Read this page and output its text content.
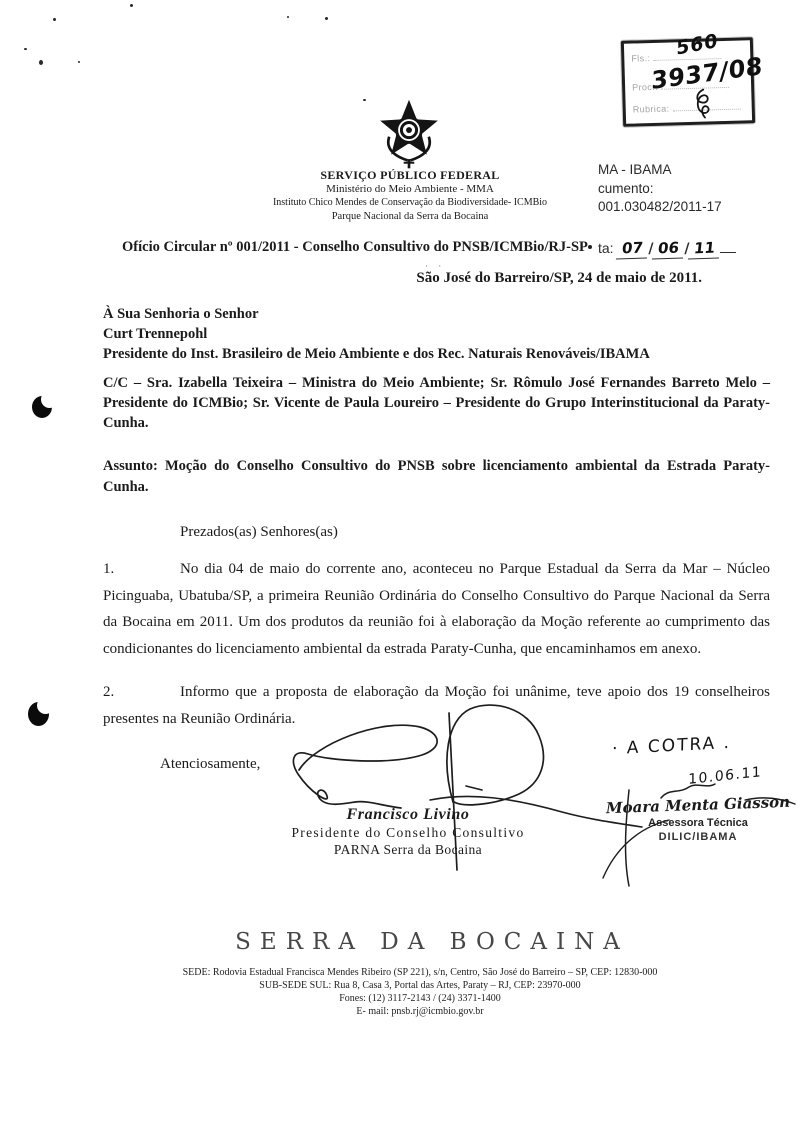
Fls.:
Proc.:
Rubrica:
560
3937/08
SERVIÇO PÚBLICO FEDERAL
Ministério do Meio Ambiente - MMA
Instituto Chico Mendes de Conservação da Biodiversidade- ICMBio
Parque Nacional da Serra da Bocaina
MA - IBAMA
cumento:
001.030482/2011-17
ta: 07 / 06 / 11
Ofício Circular nº 001/2011 - Conselho Consultivo do PNSB/ICMBio/RJ-SP
· ·
São José do Barreiro/SP, 24 de maio de 2011.
À Sua Senhoria o Senhor
Curt Trennepohl
Presidente do Inst. Brasileiro de Meio Ambiente e dos Rec. Naturais Renováveis/IBAMA
C/C – Sra. Izabella Teixeira – Ministra do Meio Ambiente; Sr. Rômulo José Fernandes Barreto Melo – Presidente do ICMBio; Sr. Vicente de Paula Loureiro – Presidente do Grupo Interinstitucional da Paraty-Cunha.
Assunto: Moção do Conselho Consultivo do PNSB sobre licenciamento ambiental da Estrada Paraty-Cunha.
Prezados(as) Senhores(as)
1.	No dia 04 de maio do corrente ano, aconteceu no Parque Estadual da Serra da Mar – Núcleo Picinguaba, Ubatuba/SP, a primeira Reunião Ordinária do Conselho Consultivo do Parque Nacional da Serra da Bocaina em 2011. Um dos produtos da reunião foi à elaboração da Moção referente ao cumprimento das condicionantes do licenciamento ambiental da estrada Paraty-Cunha, que encaminhamos em anexo.
2.	Informo que a proposta de elaboração da Moção foi unânime, teve apoio dos 19 conselheiros presentes na Reunião Ordinária.
Atenciosamente,
Francisco Livino
Presidente do Conselho Consultivo
PARNA Serra da Bocaina
· A COTRA .
10.06.11
Moara Menta Giasson
Assessora Técnica
DILIC/IBAMA
SERRA DA BOCAINA
SEDE: Rodovia Estadual Francisca Mendes Ribeiro (SP 221), s/n, Centro, São José do Barreiro – SP, CEP: 12830-000
SUB-SEDE SUL: Rua 8, Casa 3, Portal das Artes, Paraty – RJ, CEP: 23970-000
Fones: (12) 3117-2143 / (24) 3371-1400
E- mail: pnsb.rj@icmbio.gov.br
